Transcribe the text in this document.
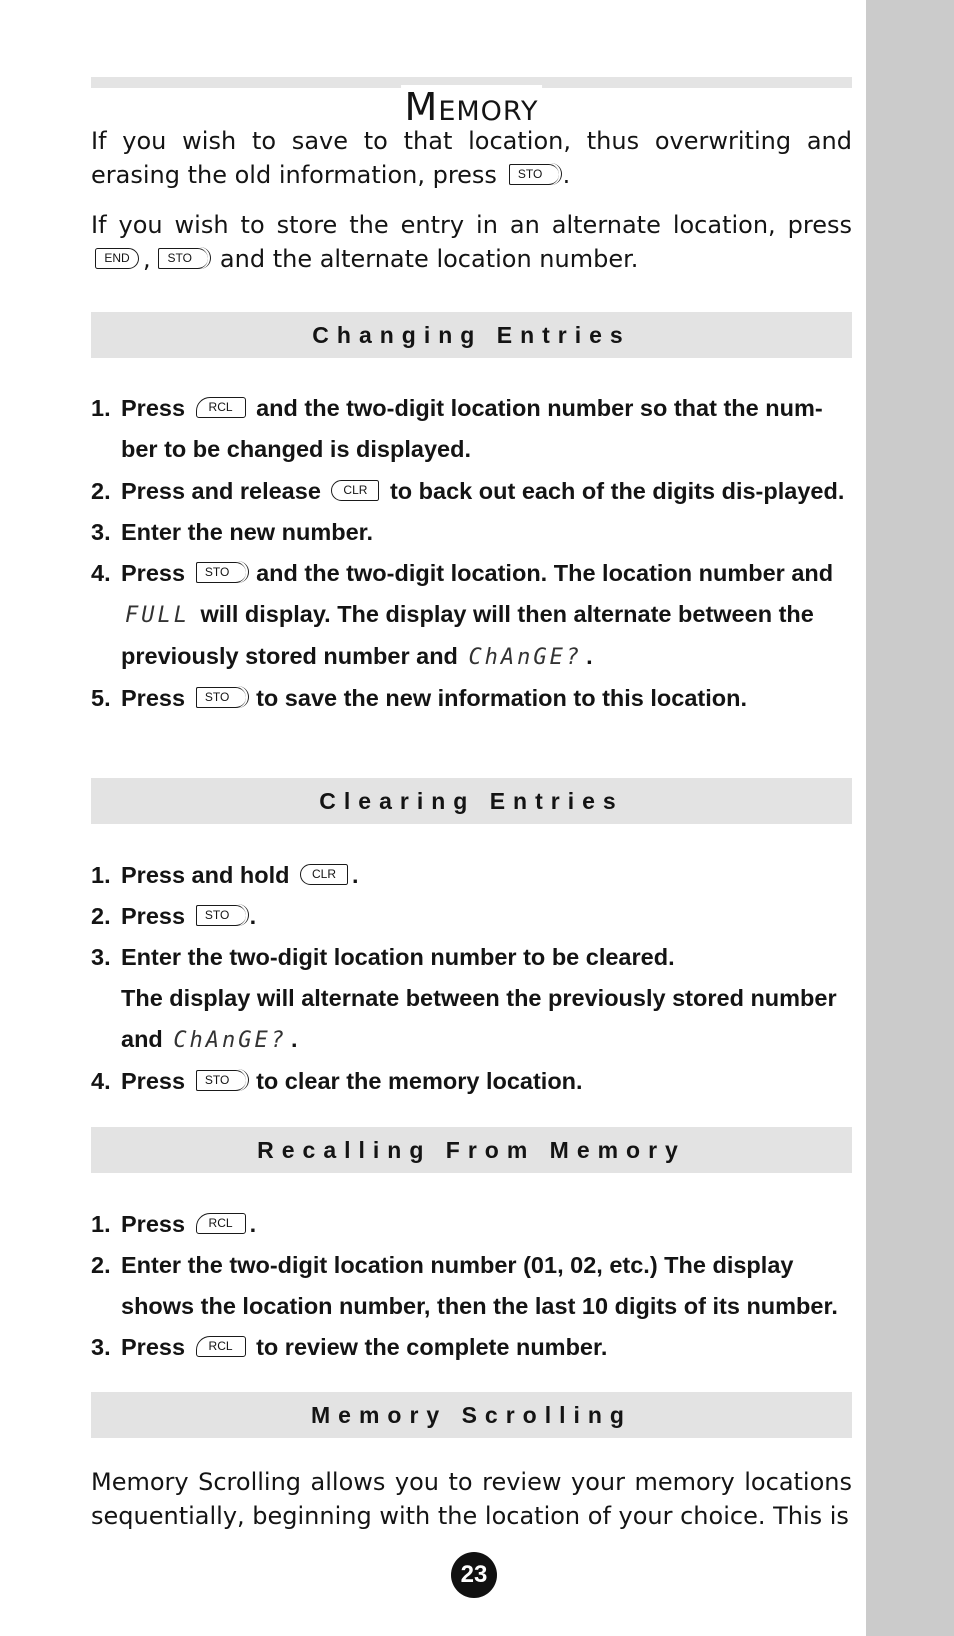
Memory

If you wish to save to that location, thus overwriting and erasing the old information, press STO .

If you wish to store the entry in an alternate location, press END , STO and the alternate location number.

Changing Entries
1. Press RCL and the two-digit location number so that the num-ber to be changed is displayed.
2. Press and release CLR to back out each of the digits dis-played.
3. Enter the new number.
4. Press STO and the two-digit location. The location number and FULL will display. The display will then alternate between the previously stored number and ChAnGE? .
5. Press STO to save the new information to this location.
Clearing Entries
1. Press and hold CLR .
2. Press STO .
3. Enter the two-digit location number to be cleared.
The display will alternate between the previously stored number and ChAnGE? .
4. Press STO to clear the memory location.
Recalling From Memory
1. Press RCL .
2. Enter the two-digit location number (01, 02, etc.) The display shows the location number, then the last 10 digits of its number.
3. Press RCL to review the complete number.
Memory Scrolling

Memory Scrolling allows you to review your memory locations sequentially, beginning with the location of your choice. This is

23
